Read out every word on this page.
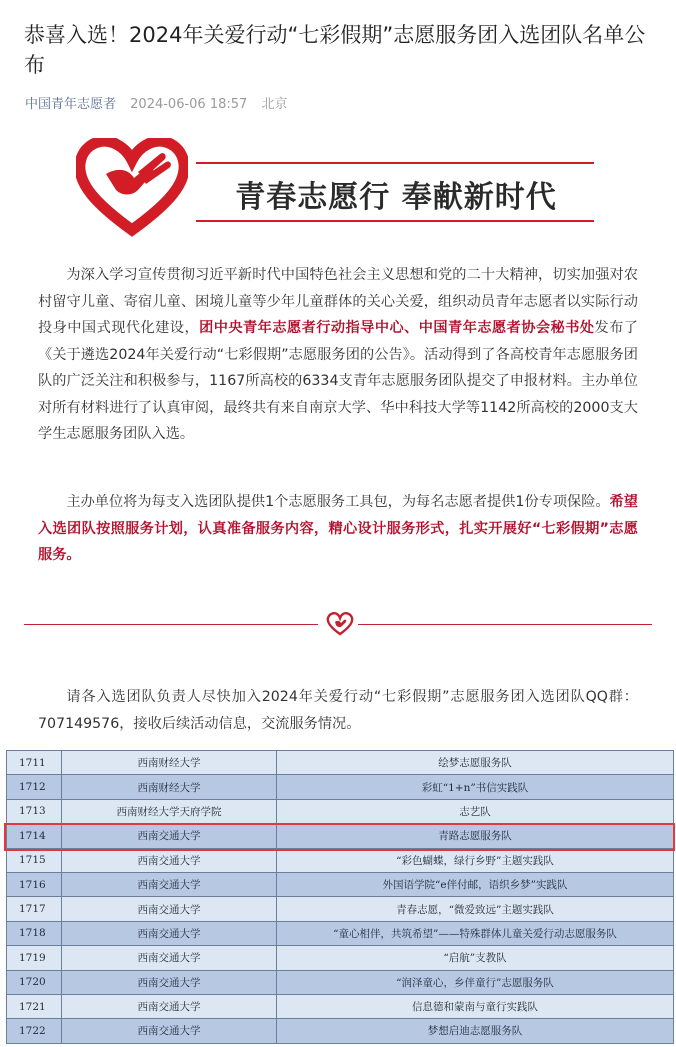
恭喜入选！2024年关爱行动“七彩假期”志愿服务团入选团队名单公布
中国青年志愿者 2024-06-06 18:57 北京
青春志愿行 奉献新时代

为深入学习宣传贯彻习近平新时代中国特色社会主义思想和党的二十大精神，切实加强对农村留守儿童、寄宿儿童、困境儿童等少年儿童群体的关心关爱，组织动员青年志愿者以实际行动投身中国式现代化建设，团中央青年志愿者行动指导中心、中国青年志愿者协会秘书处发布了《关于遴选2024年关爱行动“七彩假期”志愿服务团的公告》。活动得到了各高校青年志愿服务团队的广泛关注和积极参与，1167所高校的6334支青年志愿服务团队提交了申报材料。主办单位对所有材料进行了认真审阅，最终共有来自南京大学、华中科技大学等1142所高校的2000支大学生志愿服务团队入选。

主办单位将为每支入选团队提供1个志愿服务工具包，为每名志愿者提供1份专项保险。希望入选团队按照服务计划，认真准备服务内容，精心设计服务形式，扎实开展好“七彩假期”志愿服务。

请各入选团队负责人尽快加入2024年关爱行动“七彩假期”志愿服务团入选团队QQ群：707149576，接收后续活动信息，交流服务情况。

1711	西南财经大学	绘梦志愿服务队
1712	西南财经大学	彩虹“1+n”书信实践队
1713	西南财经大学天府学院	志艺队
1714	西南交通大学	青路志愿服务队
1715	西南交通大学	“彩色蝴蝶，绿行乡野”主题实践队
1716	西南交通大学	外国语学院“e伴付邮，语织乡梦”实践队
1717	西南交通大学	青春志愿，“微爱致远”主题实践队
1718	西南交通大学	“童心相伴，共筑希望”——特殊群体儿童关爱行动志愿服务队
1719	西南交通大学	“启航”支教队
1720	西南交通大学	“润泽童心，乡伴童行”志愿服务队
1721	西南交通大学	信息德和蒙南与童行实践队
1722	西南交通大学	梦想启迪志愿服务队
